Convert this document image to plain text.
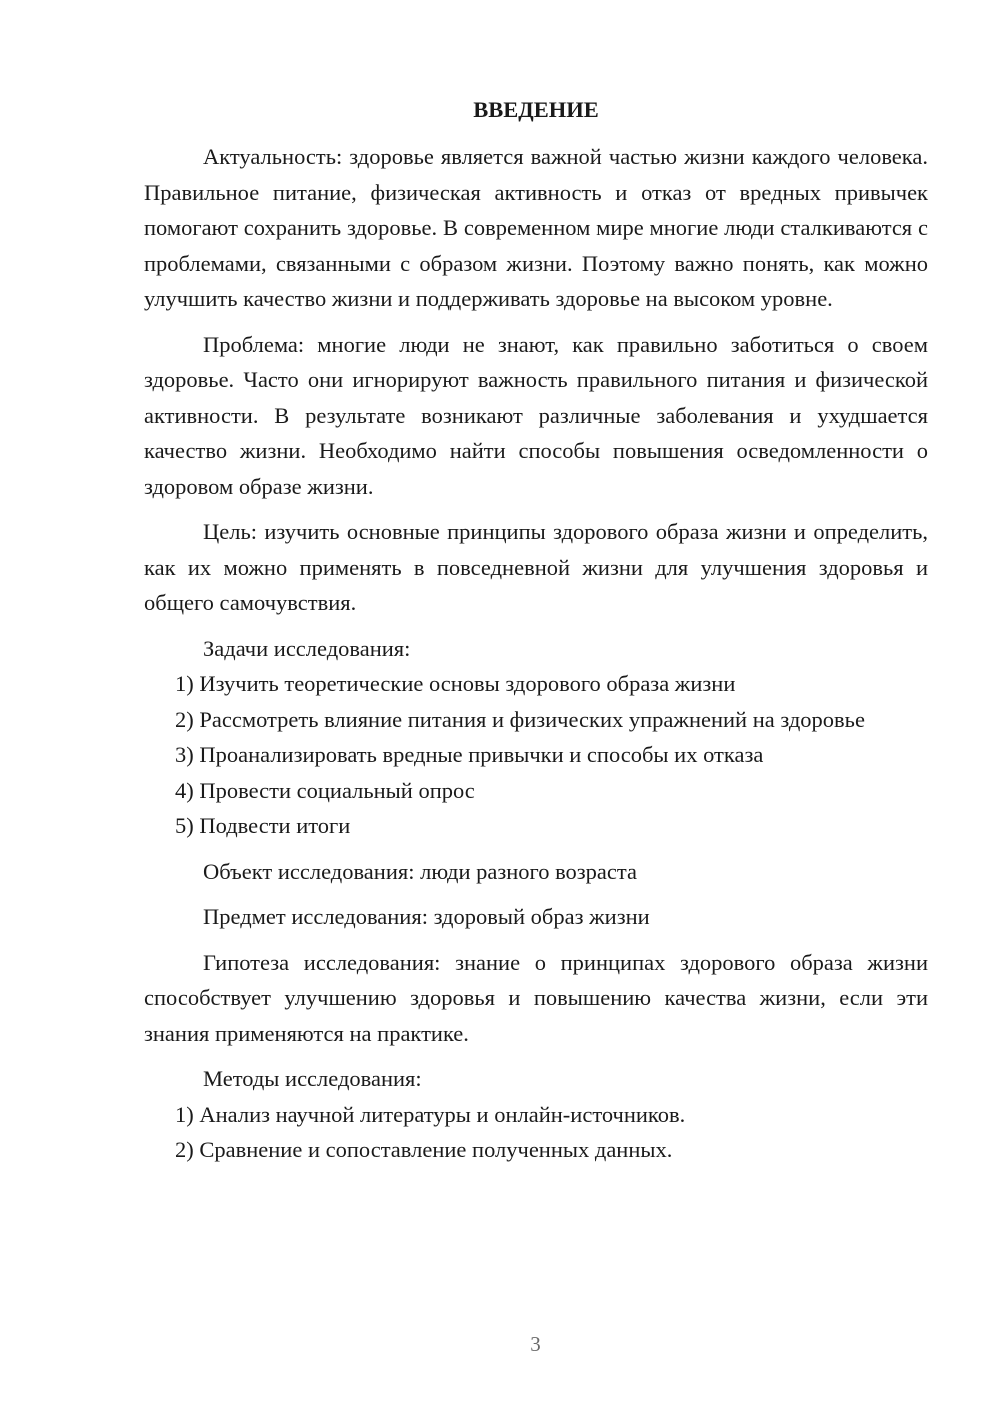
ВВЕДЕНИЕ

Актуальность: здоровье является важной частью жизни каждого человека. Правильное питание, физическая активность и отказ от вредных привычек помогают сохранить здоровье. В современном мире многие люди сталкиваются с проблемами, связанными с образом жизни. Поэтому важно понять, как можно улучшить качество жизни и поддерживать здоровье на высоком уровне.

Проблема: многие люди не знают, как правильно заботиться о своем здоровье. Часто они игнорируют важность правильного питания и физической активности. В результате возникают различные заболевания и ухудшается качество жизни. Необходимо найти способы повышения осведомленности о здоровом образе жизни.

Цель: изучить основные принципы здорового образа жизни и определить, как их можно применять в повседневной жизни для улучшения здоровья и общего самочувствия.

Задачи исследования:

1) Изучить теоретические основы здорового образа жизни

2) Рассмотреть влияние питания и физических упражнений на здоровье

3) Проанализировать вредные привычки и способы их отказа

4) Провести социальный опрос

5) Подвести итоги

Объект исследования: люди разного возраста

Предмет исследования: здоровый образ жизни

Гипотеза исследования: знание о принципах здорового образа жизни способствует улучшению здоровья и повышению качества жизни, если эти знания применяются на практике.

Методы исследования:

1) Анализ научной литературы и онлайн-источников.

2) Сравнение и сопоставление полученных данных.

3
